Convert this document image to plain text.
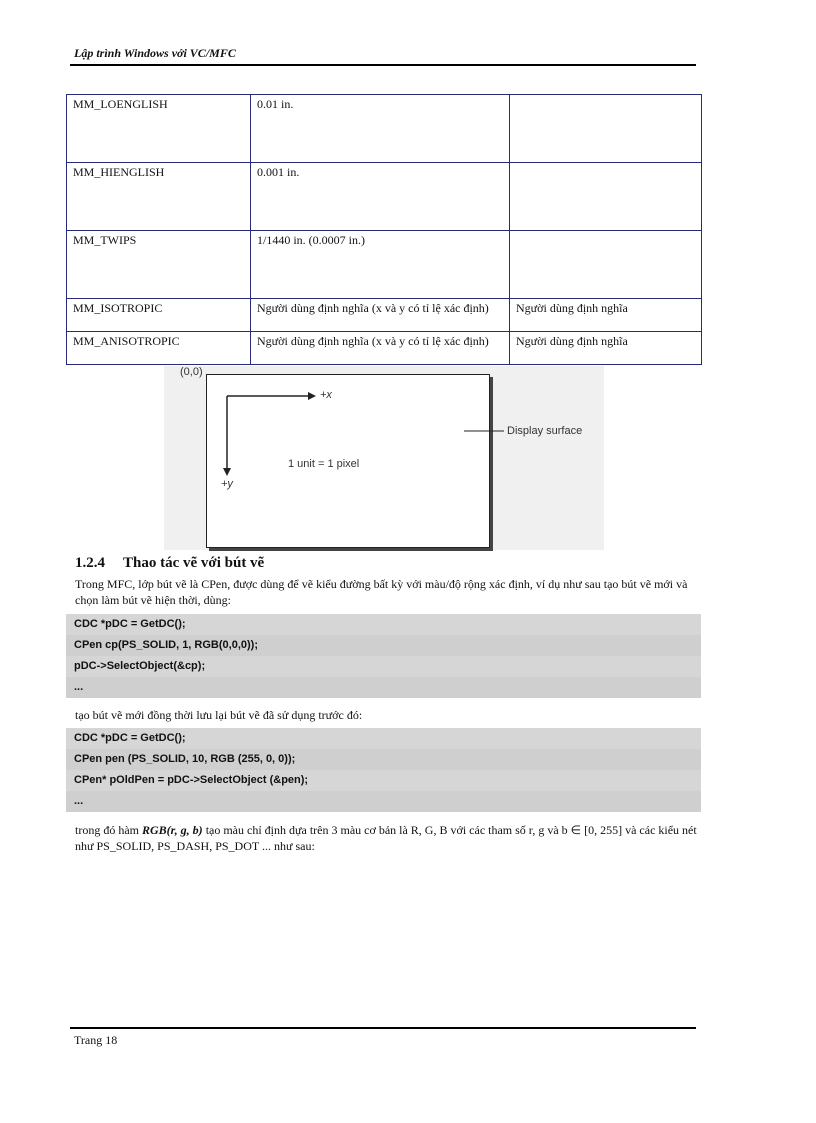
Lập trình Windows với VC/MFC
MM_LOENGLISH	0.01 in.	
MM_HIENGLISH	0.001 in.	
MM_TWIPS	1/1440 in. (0.0007 in.)	
MM_ISOTROPIC	Người dùng định nghĩa (x và y có tỉ lệ xác định)	Người dùng định nghĩa
MM_ANISOTROPIC	Người dùng định nghĩa (x và y có tỉ lệ xác định)	Người dùng định nghĩa
(0,0)
+x
+y
1 unit = 1 pixel
Display surface
1.2.4 Thao tác vẽ với bút vẽ
Trong MFC, lớp bút vẽ là CPen, được dùng để vẽ kiểu đường bất kỳ với màu/độ rộng xác định, ví dụ như sau tạo bút vẽ mới và chọn làm bút vẽ hiện thời, dùng:
CDC *pDC = GetDC();
CPen cp(PS_SOLID, 1, RGB(0,0,0));
pDC->SelectObject(&cp);
...
tạo bút vẽ mới đồng thời lưu lại bút vẽ đã sử dụng trước đó:
CDC *pDC = GetDC();
CPen pen (PS_SOLID, 10, RGB (255, 0, 0));
CPen* pOldPen = pDC->SelectObject (&pen);
...
trong đó hàm RGB(r, g, b) tạo màu chỉ định dựa trên 3 màu cơ bản là R, G, B với các tham số r, g và b ∈ [0, 255] và các kiểu nét như PS_SOLID, PS_DASH, PS_DOT ... như sau:
Trang 18
